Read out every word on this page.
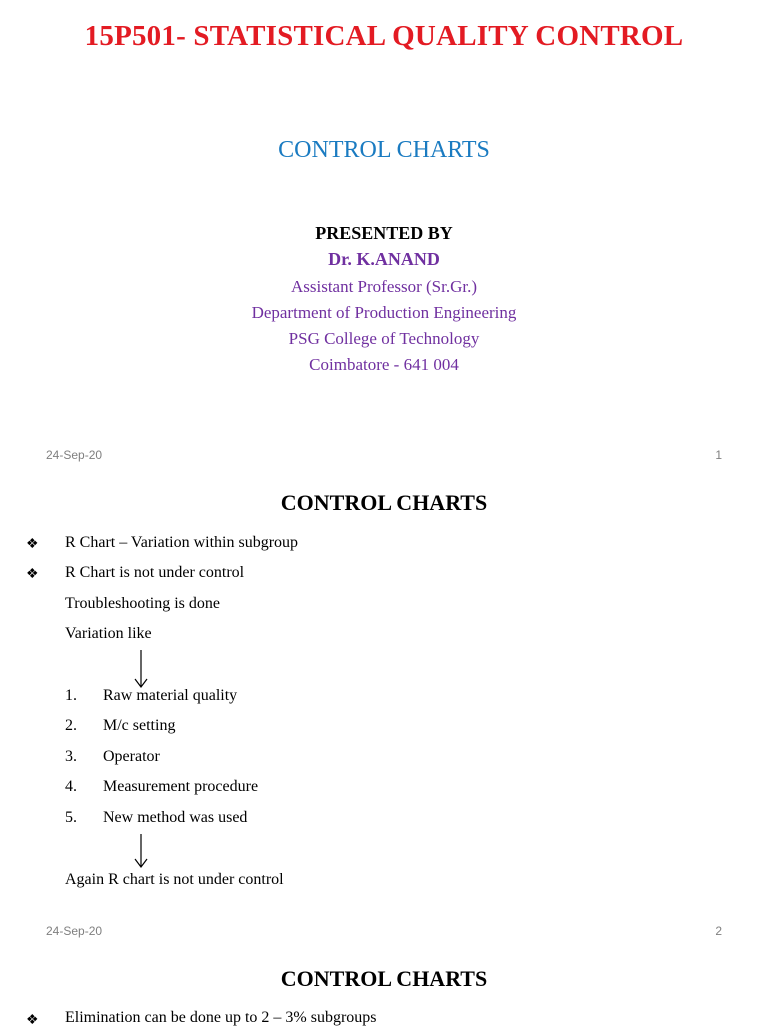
15P501- STATISTICAL QUALITY CONTROL
CONTROL CHARTS
PRESENTED BY
Dr. K.ANAND
Assistant Professor (Sr.Gr.)
Department of Production Engineering
PSG College of Technology
Coimbatore - 641 004
24-Sep-20	1
CONTROL CHARTS
❖ R Chart – Variation within subgroup
❖ R Chart is not under control
Troubleshooting is done
Variation like
1. Raw material quality
2. M/c setting
3. Operator
4. Measurement procedure
5. New method was used
Again R chart is not under control
24-Sep-20	2
CONTROL CHARTS
❖ Elimination can be done up to 2 – 3% subgroups
